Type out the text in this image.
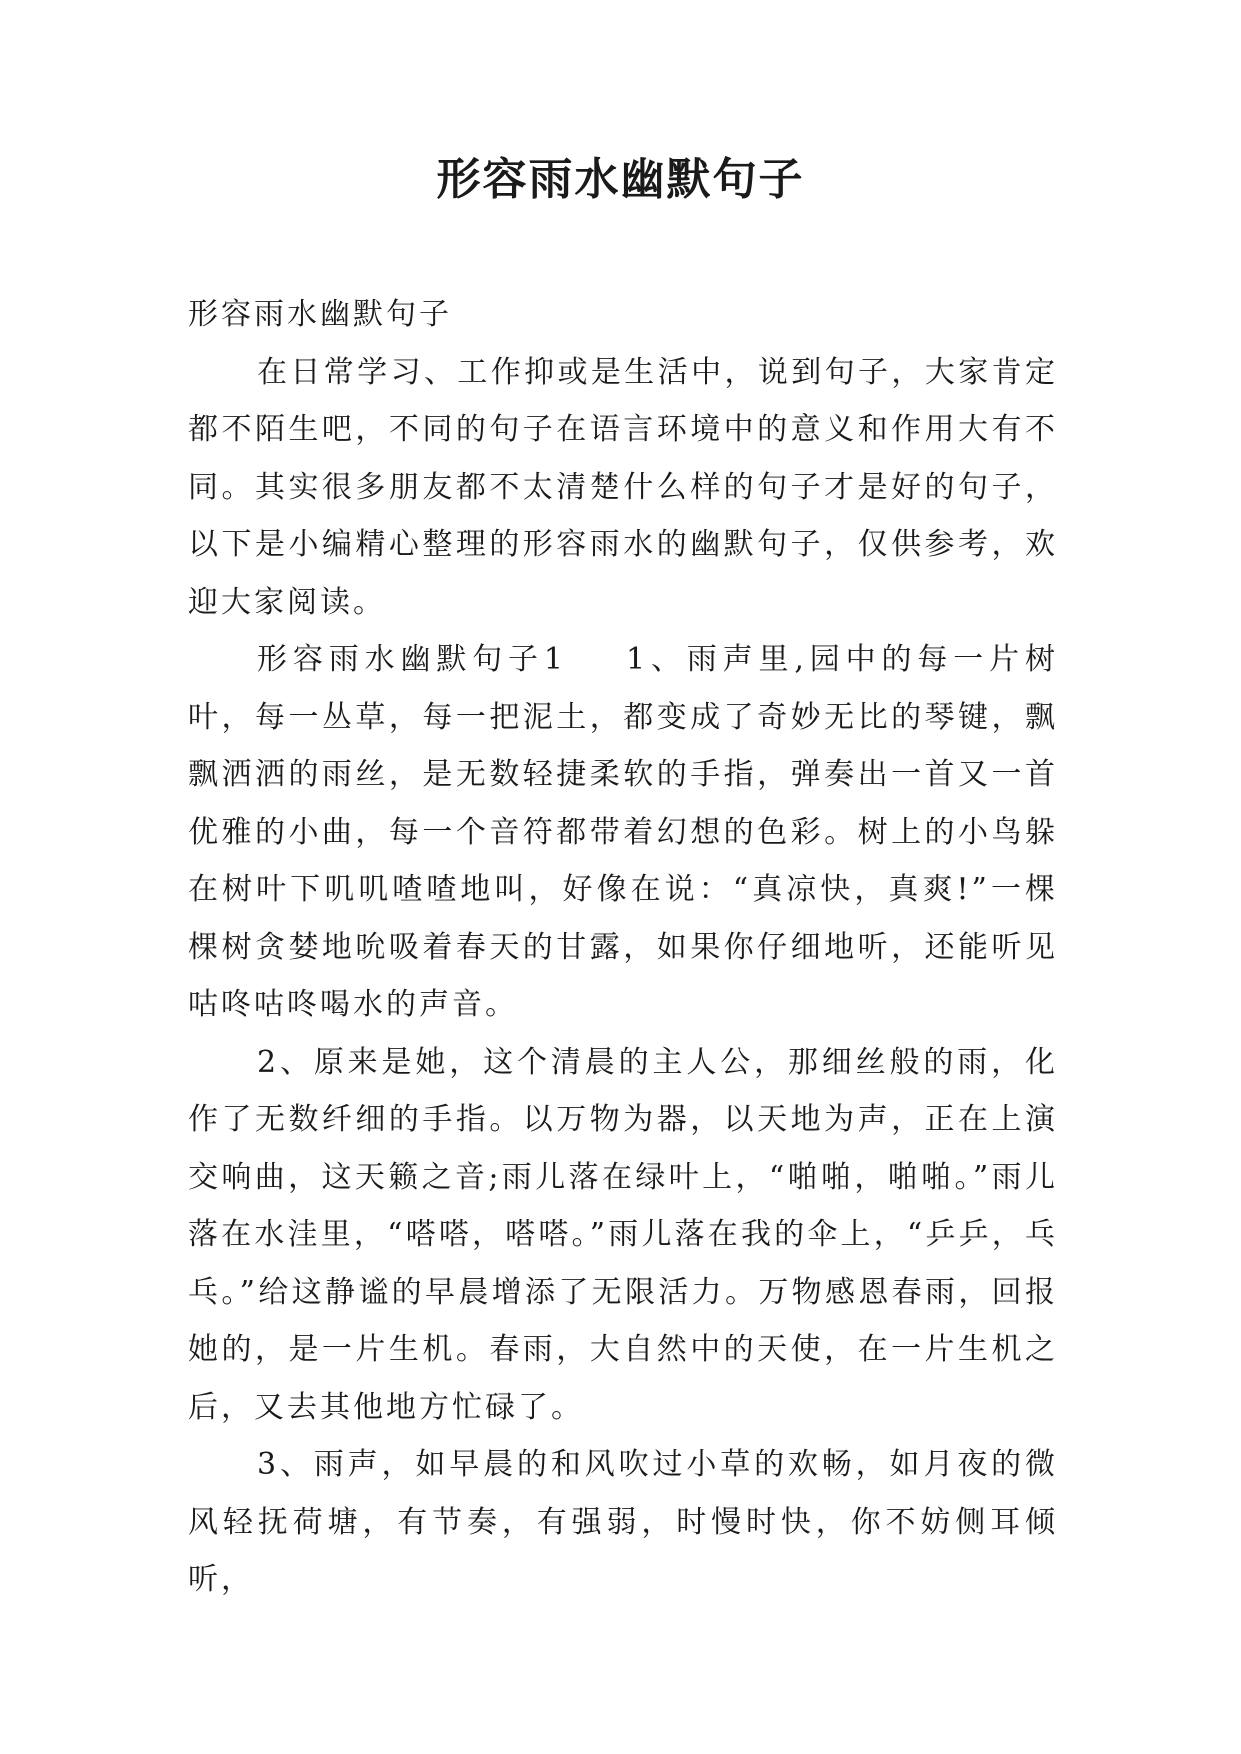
形容雨水幽默句子

形容雨水幽默句子

在日常学习、工作抑或是生活中，说到句子，大家肯定都不陌生吧，不同的句子在语言环境中的意义和作用大有不同。其实很多朋友都不太清楚什么样的句子才是好的句子，以下是小编精心整理的形容雨水的幽默句子，仅供参考，欢迎大家阅读。

形容雨水幽默句子1 1、雨声里,园中的每一片树叶，每一丛草，每一把泥土，都变成了奇妙无比的琴键，飘飘洒洒的雨丝，是无数轻捷柔软的手指，弹奏出一首又一首优雅的小曲，每一个音符都带着幻想的色彩。树上的小鸟躲在树叶下叽叽喳喳地叫，好像在说：“真凉快，真爽!”一棵棵树贪婪地吮吸着春天的甘露，如果你仔细地听，还能听见咕咚咕咚喝水的声音。

2、原来是她，这个清晨的主人公，那细丝般的雨，化作了无数纤细的手指。以万物为器，以天地为声，正在上演交响曲，这天籁之音;雨儿落在绿叶上，“啪啪，啪啪。”雨儿落在水洼里，“嗒嗒，嗒嗒。”雨儿落在我的伞上，“乒乒，乓乓。”给这静谧的早晨增添了无限活力。万物感恩春雨，回报她的，是一片生机。春雨，大自然中的天使，在一片生机之后，又去其他地方忙碌了。

3、雨声，如早晨的和风吹过小草的欢畅，如月夜的微风轻抚荷塘，有节奏，有强弱，时慢时快，你不妨侧耳倾听，
